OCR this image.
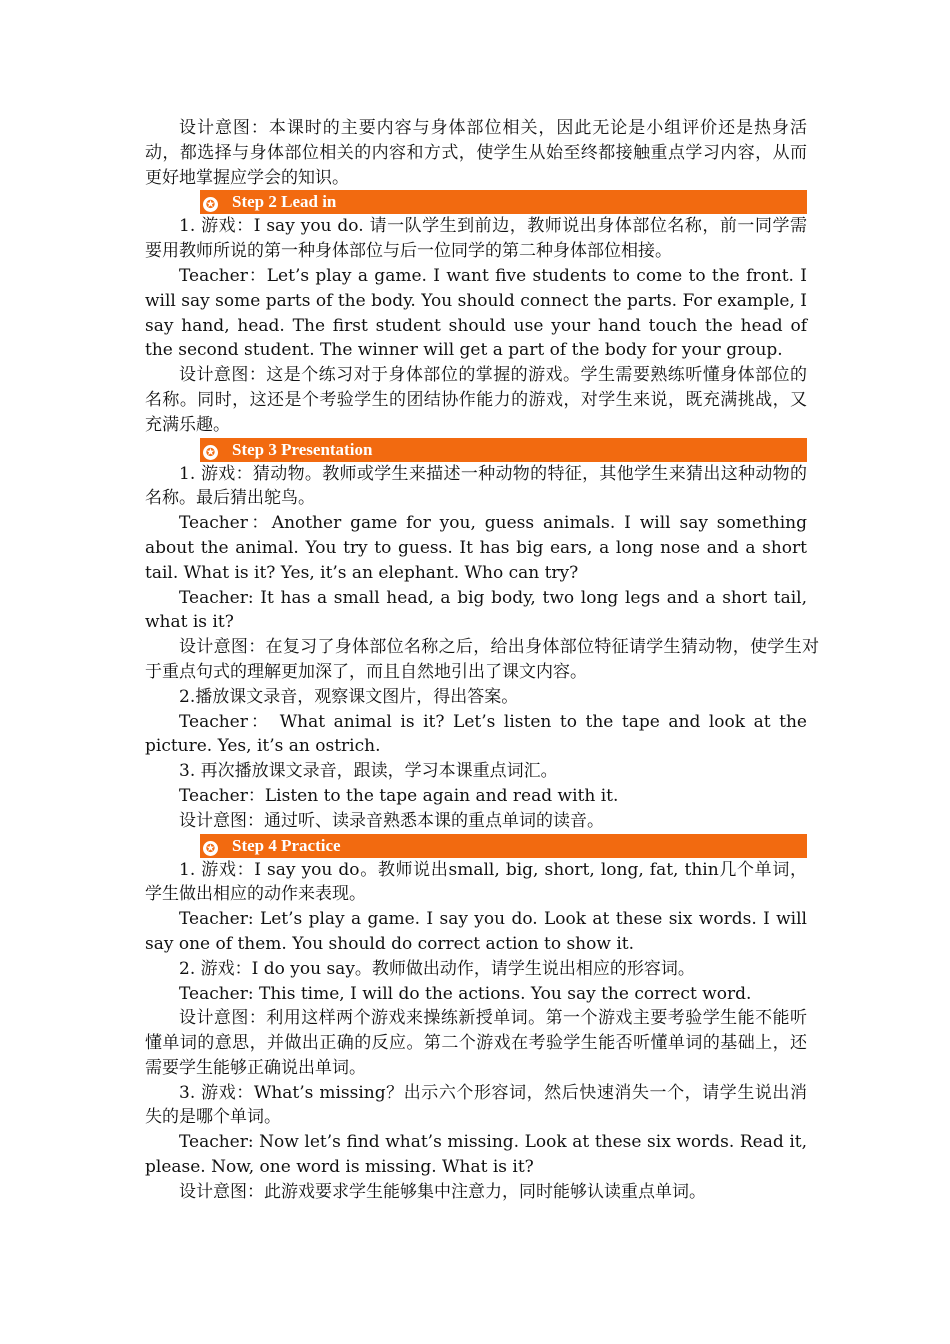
设计意图：本课时的主要内容与身体部位相关，因此无论是小组评价还是热身活动，都选择与身体部位相关的内容和方式，使学生从始至终都接触重点学习内容，从而更好地掌握应学会的知识。

✪ Step 2 Lead in

1. 游戏：I say you do. 请一队学生到前边，教师说出身体部位名称，前一同学需要用教师所说的第一种身体部位与后一位同学的第二种身体部位相接。

Teacher：Let’s play a game. I want five students to come to the front. I will say some parts of the body. You should connect the parts. For example, I say hand, head. The first student should use your hand touch the head of the second student. The winner will get a part of the body for your group.

设计意图：这是个练习对于身体部位的掌握的游戏。学生需要熟练听懂身体部位的名称。同时，这还是个考验学生的团结协作能力的游戏，对学生来说，既充满挑战，又充满乐趣。

✪ Step 3 Presentation

1. 游戏：猜动物。教师或学生来描述一种动物的特征，其他学生来猜出这种动物的名称。最后猜出鸵鸟。

Teacher：Another game for you, guess animals. I will say something about the animal. You try to guess. It has big ears, a long nose and a short tail. What is it? Yes, it’s an elephant. Who can try?

Teacher: It has a small head, a big body, two long legs and a short tail, what is it?

设计意图：在复习了身体部位名称之后，给出身体部位特征请学生猜动物，使学生对于重点句式的理解更加深了，而且自然地引出了课文内容。

2.播放课文录音，观察课文图片，得出答案。

Teacher： What animal is it? Let’s listen to the tape and look at the picture. Yes, it’s an ostrich.

3. 再次播放课文录音，跟读，学习本课重点词汇。

Teacher：Listen to the tape again and read with it.

设计意图：通过听、读录音熟悉本课的重点单词的读音。

✪ Step 4 Practice

1. 游戏：I say you do。教师说出small, big, short, long, fat, thin几个单词，学生做出相应的动作来表现。

Teacher: Let’s play a game. I say you do. Look at these six words. I will say one of them. You should do correct action to show it.

2. 游戏：I do you say。教师做出动作，请学生说出相应的形容词。

Teacher: This time, I will do the actions. You say the correct word.

设计意图：利用这样两个游戏来操练新授单词。第一个游戏主要考验学生能不能听懂单词的意思，并做出正确的反应。第二个游戏在考验学生能否听懂单词的基础上，还需要学生能够正确说出单词。

3. 游戏：What’s missing？出示六个形容词，然后快速消失一个，请学生说出消失的是哪个单词。

Teacher: Now let’s find what’s missing. Look at these six words. Read it, please. Now, one word is missing. What is it?

设计意图：此游戏要求学生能够集中注意力，同时能够认读重点单词。
